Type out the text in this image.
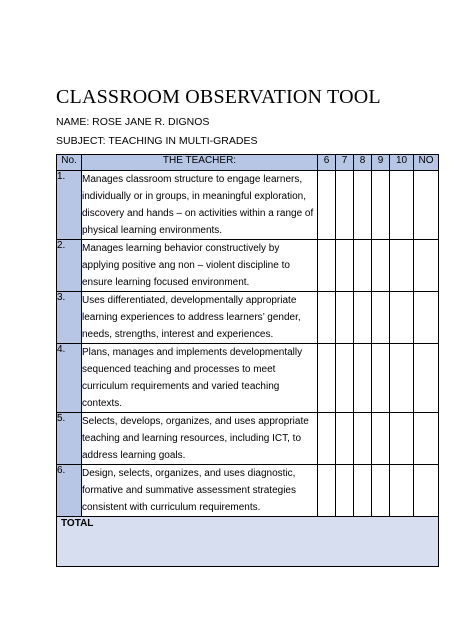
CLASSROOM OBSERVATION TOOL
NAME: ROSE JANE R. DIGNOS
SUBJECT: TEACHING IN MULTI-GRADES
No.	THE TEACHER:	6	7	8	9	10	NO
1.	Manages classroom structure to engage learners, individually or in groups, in meaningful exploration, discovery and hands – on activities within a range of physical learning environments.						
2.	Manages learning behavior constructively by applying positive ang non – violent discipline to ensure learning focused environment.						
3.	Uses differentiated, developmentally appropriate learning experiences to address learners’ gender, needs, strengths, interest and experiences.						
4.	Plans, manages and implements developmentally sequenced teaching and processes to meet curriculum requirements and varied teaching contexts.						
5.	Selects, develops, organizes, and uses appropriate teaching and learning resources, including ICT, to address learning goals.						
6.	Design, selects, organizes, and uses diagnostic, formative and summative assessment strategies consistent with curriculum requirements.						
TOTAL							
